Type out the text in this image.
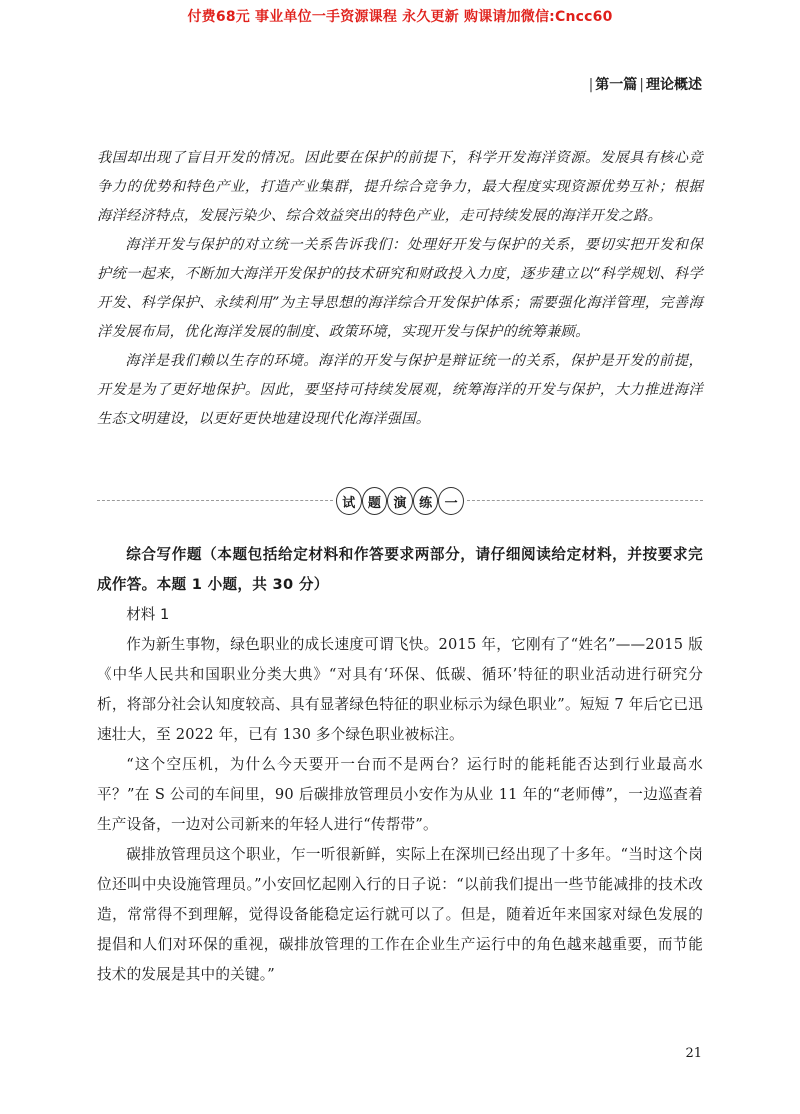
付费68元 事业单位一手资源课程 永久更新 购课请加微信:Cncc60
| 第一篇 | 理论概述

我国却出现了盲目开发的情况。因此要在保护的前提下，科学开发海洋资源。发展具有核心竞争力的优势和特色产业，打造产业集群，提升综合竞争力，最大程度实现资源优势互补；根据海洋经济特点，发展污染少、综合效益突出的特色产业，走可持续发展的海洋开发之路。

海洋开发与保护的对立统一关系告诉我们：处理好开发与保护的关系，要切实把开发和保护统一起来，不断加大海洋开发保护的技术研究和财政投入力度，逐步建立以“科学规划、科学开发、科学保护、永续利用”为主导思想的海洋综合开发保护体系；需要强化海洋管理，完善海洋发展布局，优化海洋发展的制度、政策环境，实现开发与保护的统筹兼顾。

海洋是我们赖以生存的环境。海洋的开发与保护是辩证统一的关系，保护是开发的前提，开发是为了更好地保护。因此，要坚持可持续发展观，统筹海洋的开发与保护，大力推进海洋生态文明建设，以更好更快地建设现代化海洋强国。

试 题 演 练 一

综合写作题（本题包括给定材料和作答要求两部分，请仔细阅读给定材料，并按要求完成作答。本题 1 小题，共 30 分）

材料 1

作为新生事物，绿色职业的成长速度可谓飞快。2015 年，它刚有了“姓名”——2015 版《中华人民共和国职业分类大典》“对具有‘环保、低碳、循环’特征的职业活动进行研究分析，将部分社会认知度较高、具有显著绿色特征的职业标示为绿色职业”。短短 7 年后它已迅速壮大，至 2022 年，已有 130 多个绿色职业被标注。

“这个空压机，为什么今天要开一台而不是两台？运行时的能耗能否达到行业最高水平？”在 S 公司的车间里，90 后碳排放管理员小安作为从业 11 年的“老师傅”，一边巡查着生产设备，一边对公司新来的年轻人进行“传帮带”。

碳排放管理员这个职业，乍一听很新鲜，实际上在深圳已经出现了十多年。“当时这个岗位还叫中央设施管理员。”小安回忆起刚入行的日子说：“以前我们提出一些节能减排的技术改造，常常得不到理解，觉得设备能稳定运行就可以了。但是，随着近年来国家对绿色发展的提倡和人们对环保的重视，碳排放管理的工作在企业生产运行中的角色越来越重要，而节能技术的发展是其中的关键。”

21
